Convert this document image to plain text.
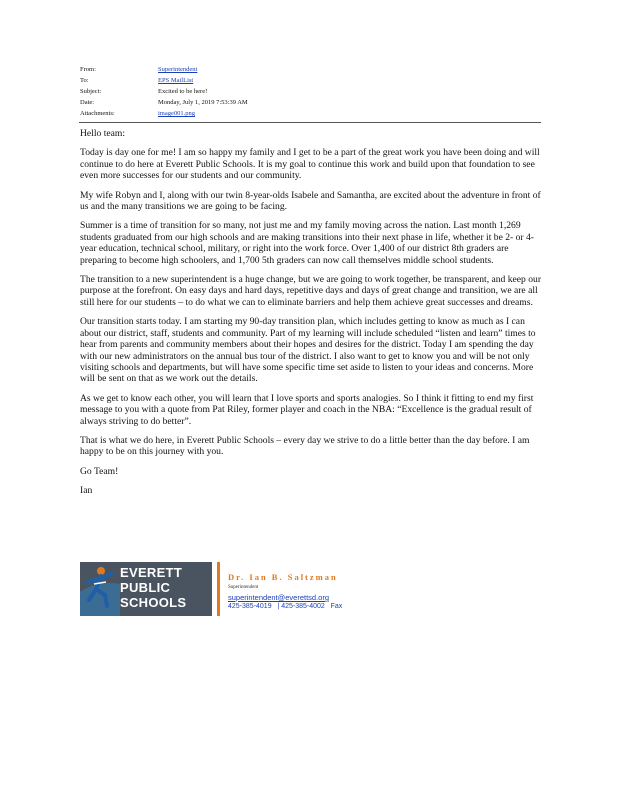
From:	Superintendent
To:	EPS MailList
Subject:	Excited to be here!
Date:	Monday, July 1, 2019 7:53:39 AM
Attachments:	image001.png

Hello team:

Today is day one for me! I am so happy my family and I get to be a part of the great work you have been doing and will continue to do here at Everett Public Schools. It is my goal to continue this work and build upon that foundation to see even more successes for our students and our community.

My wife Robyn and I, along with our twin 8-year-olds Isabele and Samantha, are excited about the adventure in front of us and the many transitions we are going to be facing.

Summer is a time of transition for so many, not just me and my family moving across the nation. Last month 1,269 students graduated from our high schools and are making transitions into their next phase in life, whether it be 2- or 4-year education, technical school, military, or right into the work force. Over 1,400 of our district 8th graders are preparing to become high schoolers, and 1,700 5th graders can now call themselves middle school students.

The transition to a new superintendent is a huge change, but we are going to work together, be transparent, and keep our purpose at the forefront. On easy days and hard days, repetitive days and days of great change and transition, we are all still here for our students – to do what we can to eliminate barriers and help them achieve great successes and dreams.

Our transition starts today. I am starting my 90-day transition plan, which includes getting to know as much as I can about our district, staff, students and community. Part of my learning will include scheduled “listen and learn” times to hear from parents and community members about their hopes and desires for the district. Today I am spending the day with our new administrators on the annual bus tour of the district. I also want to get to know you and will be not only visiting schools and departments, but will have some specific time set aside to listen to your ideas and concerns. More will be sent on that as we work out the details.

As we get to know each other, you will learn that I love sports and sports analogies. So I think it fitting to end my first message to you with a quote from Pat Riley, former player and coach in the NBA: “Excellence is the gradual result of always striving to do better”.

That is what we do here, in Everett Public Schools – every day we strive to do a little better than the day before. I am happy to be on this journey with you.

Go Team!

Ian

EVERETT
PUBLIC
SCHOOLS
Dr. Ian B. Saltzman
Superintendent
superintendent@everettsd.org
425-385-4019   | 425-385-4002   Fax
